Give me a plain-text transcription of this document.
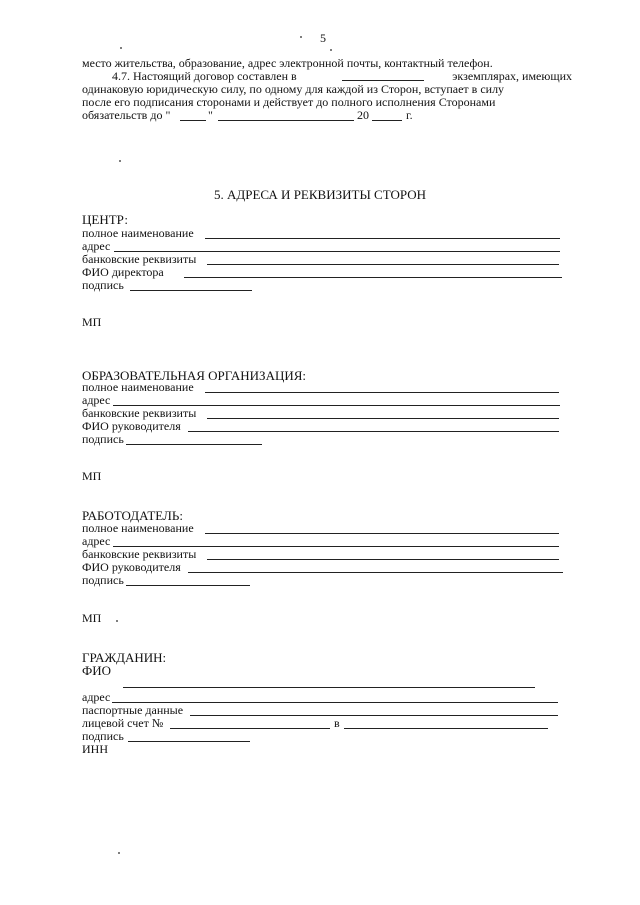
5
место жительства, образование, адрес электронной почты, контактный телефон.
4.7. Настоящий договор составлен в	экземплярах, имеющих
одинаковую юридическую силу, по одному для каждой из Сторон, вступает в силу
после его подписания сторонами и действует до полного исполнения Сторонами
обязательств до "	"	20	г.
5. АДРЕСА И РЕКВИЗИТЫ СТОРОН
ЦЕНТР:
полное наименование
адрес
банковские реквизиты
ФИО директора
подпись
МП
ОБРАЗОВАТЕЛЬНАЯ ОРГАНИЗАЦИЯ:
полное наименование
адрес
банковские реквизиты
ФИО руководителя
подпись
МП
РАБОТОДАТЕЛЬ:
полное наименование
адрес
банковские реквизиты
ФИО руководителя
подпись
МП
ГРАЖДАНИН:
ФИО
адрес
паспортные данные
лицевой счет №	в
подпись
ИНН
